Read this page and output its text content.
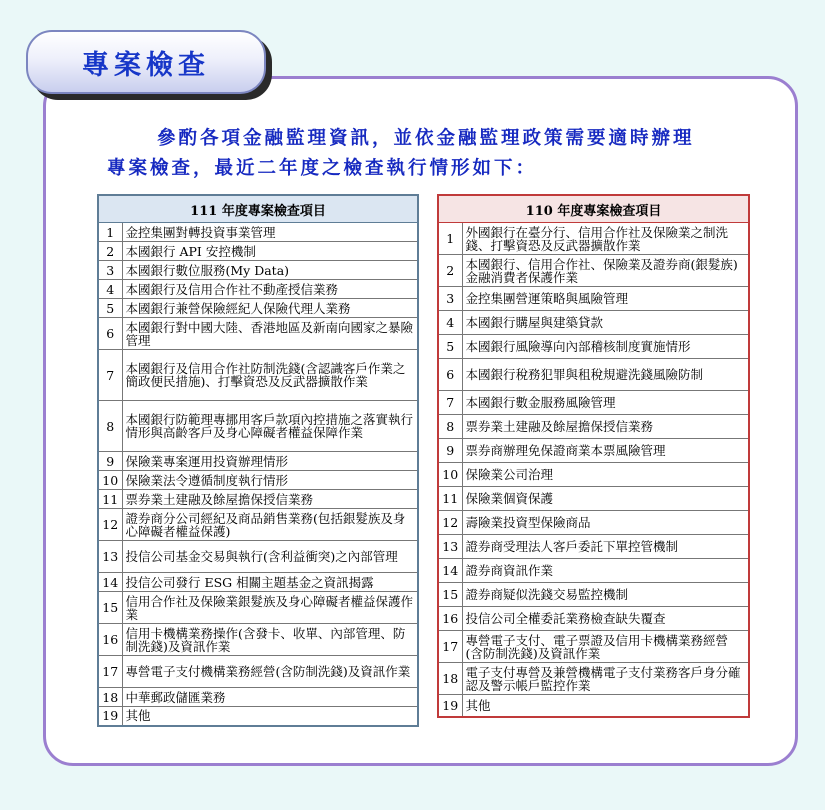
專案檢查

參酌各項金融監理資訊，並依金融監理政策需要適時辦理

專案檢查，最近二年度之檢查執行情形如下：

111 年度專案檢查項目	
1	金控集團對轉投資事業管理
2	本國銀行 API 安控機制
3	本國銀行數位服務(My Data)
4	本國銀行及信用合作社不動產授信業務
5	本國銀行兼營保險經紀人保險代理人業務
6	本國銀行對中國大陸、香港地區及新南向國家之暴險管理
7	本國銀行及信用合作社防制洗錢(含認識客戶作業之簡政便民措施)、打擊資恐及反武器擴散作業
8	本國銀行防範理專挪用客戶款項內控措施之落實執行情形與高齡客戶及身心障礙者權益保障作業
9	保險業專案運用投資辦理情形
10	保險業法令遵循制度執行情形
11	票券業土建融及餘屋擔保授信業務
12	證券商分公司經紀及商品銷售業務(包括銀髮族及身心障礙者權益保護)
13	投信公司基金交易與執行(含利益衝突)之內部管理
14	投信公司發行 ESG 相關主題基金之資訊揭露
15	信用合作社及保險業銀髮族及身心障礙者權益保護作業
16	信用卡機構業務操作(含發卡、收單、內部管理、防制洗錢)及資訊作業
17	專營電子支付機構業務經營(含防制洗錢)及資訊作業
18	中華郵政儲匯業務
19	其他
110 年度專案檢查項目	
1	外國銀行在臺分行、信用合作社及保險業之制洗錢、打擊資恐及反武器擴散作業
2	本國銀行、信用合作社、保險業及證券商(銀髮族)金融消費者保護作業
3	金控集團營運策略與風險管理
4	本國銀行購屋與建築貸款
5	本國銀行風險導向內部稽核制度實施情形
6	本國銀行稅務犯罪與租稅規避洗錢風險防制
7	本國銀行數金服務風險管理
8	票券業土建融及餘屋擔保授信業務
9	票券商辦理免保證商業本票風險管理
10	保險業公司治理
11	保險業個資保護
12	壽險業投資型保險商品
13	證券商受理法人客戶委託下單控管機制
14	證券商資訊作業
15	證券商疑似洗錢交易監控機制
16	投信公司全權委託業務檢查缺失覆查
17	專營電子支付、電子票證及信用卡機構業務經營(含防制洗錢)及資訊作業
18	電子支付專營及兼營機構電子支付業務客戶身分確認及警示帳戶監控作業
19	其他
